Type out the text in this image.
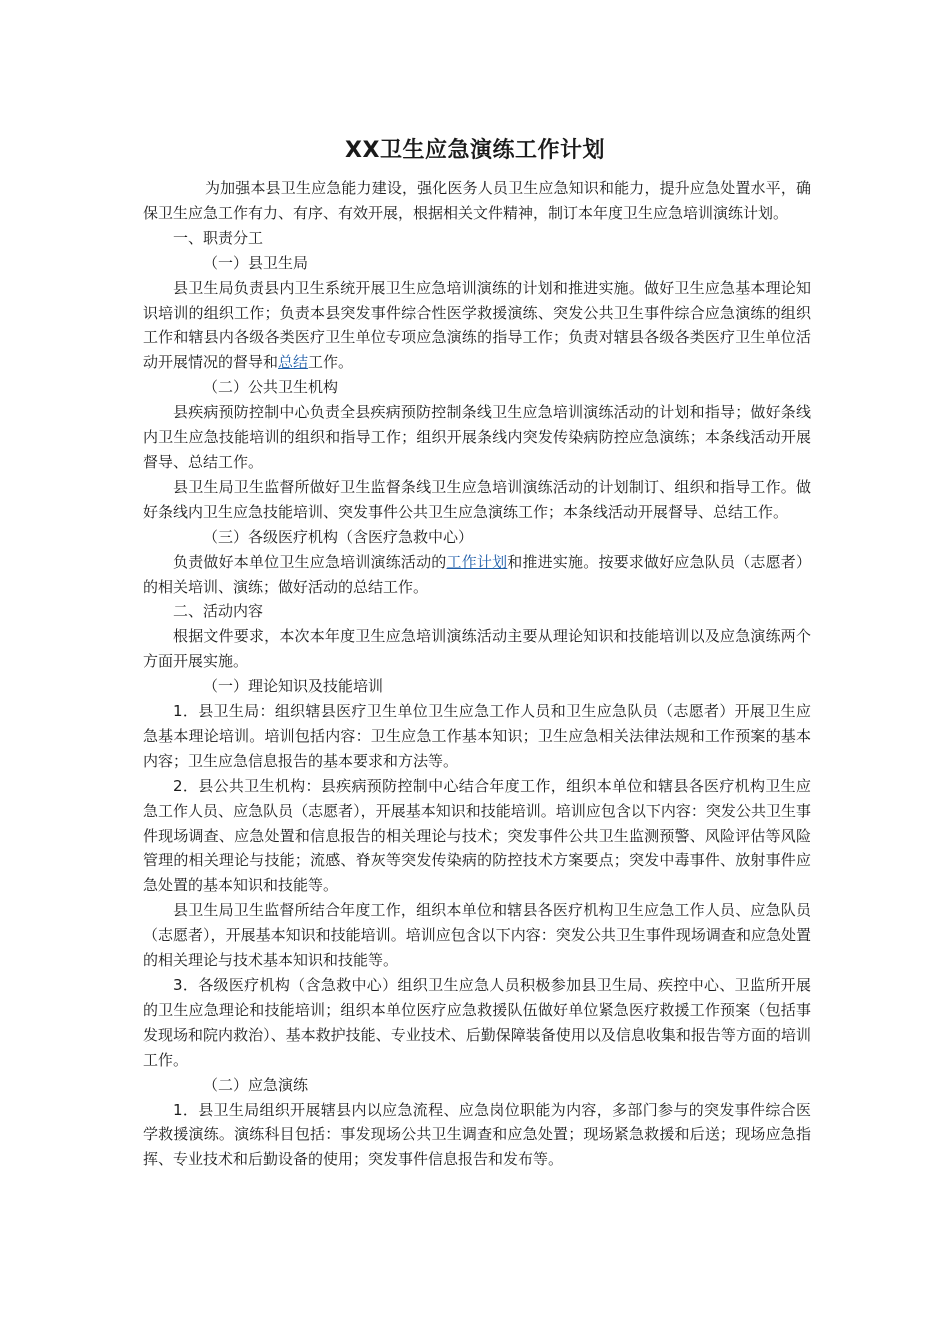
XX卫生应急演练工作计划

为加强本县卫生应急能力建设，强化医务人员卫生应急知识和能力，提升应急处置水平，确保卫生应急工作有力、有序、有效开展，根据相关文件精神，制订本年度卫生应急培训演练计划。

一、职责分工

（一）县卫生局

县卫生局负责县内卫生系统开展卫生应急培训演练的计划和推进实施。做好卫生应急基本理论知识培训的组织工作；负责本县突发事件综合性医学救援演练、突发公共卫生事件综合应急演练的组织工作和辖县内各级各类医疗卫生单位专项应急演练的指导工作；负责对辖县各级各类医疗卫生单位活动开展情况的督导和总结工作。

（二）公共卫生机构

县疾病预防控制中心负责全县疾病预防控制条线卫生应急培训演练活动的计划和指导；做好条线内卫生应急技能培训的组织和指导工作；组织开展条线内突发传染病防控应急演练；本条线活动开展督导、总结工作。

县卫生局卫生监督所做好卫生监督条线卫生应急培训演练活动的计划制订、组织和指导工作。做好条线内卫生应急技能培训、突发事件公共卫生应急演练工作；本条线活动开展督导、总结工作。

（三）各级医疗机构（含医疗急救中心）

负责做好本单位卫生应急培训演练活动的工作计划和推进实施。按要求做好应急队员（志愿者）的相关培训、演练；做好活动的总结工作。

二、活动内容

根据文件要求，本次本年度卫生应急培训演练活动主要从理论知识和技能培训以及应急演练两个方面开展实施。

（一）理论知识及技能培训

1．县卫生局：组织辖县医疗卫生单位卫生应急工作人员和卫生应急队员（志愿者）开展卫生应急基本理论培训。培训包括内容：卫生应急工作基本知识；卫生应急相关法律法规和工作预案的基本内容；卫生应急信息报告的基本要求和方法等。

2．县公共卫生机构：县疾病预防控制中心结合年度工作，组织本单位和辖县各医疗机构卫生应急工作人员、应急队员（志愿者），开展基本知识和技能培训。培训应包含以下内容：突发公共卫生事件现场调查、应急处置和信息报告的相关理论与技术；突发事件公共卫生监测预警、风险评估等风险管理的相关理论与技能；流感、脊灰等突发传染病的防控技术方案要点；突发中毒事件、放射事件应急处置的基本知识和技能等。

县卫生局卫生监督所结合年度工作，组织本单位和辖县各医疗机构卫生应急工作人员、应急队员（志愿者），开展基本知识和技能培训。培训应包含以下内容：突发公共卫生事件现场调查和应急处置的相关理论与技术基本知识和技能等。

3．各级医疗机构（含急救中心）组织卫生应急人员积极参加县卫生局、疾控中心、卫监所开展的卫生应急理论和技能培训；组织本单位医疗应急救援队伍做好单位紧急医疗救援工作预案（包括事发现场和院内救治）、基本救护技能、专业技术、后勤保障装备使用以及信息收集和报告等方面的培训工作。

（二）应急演练

1．县卫生局组织开展辖县内以应急流程、应急岗位职能为内容，多部门参与的突发事件综合医学救援演练。演练科目包括：事发现场公共卫生调查和应急处置；现场紧急救援和后送；现场应急指挥、专业技术和后勤设备的使用；突发事件信息报告和发布等。
